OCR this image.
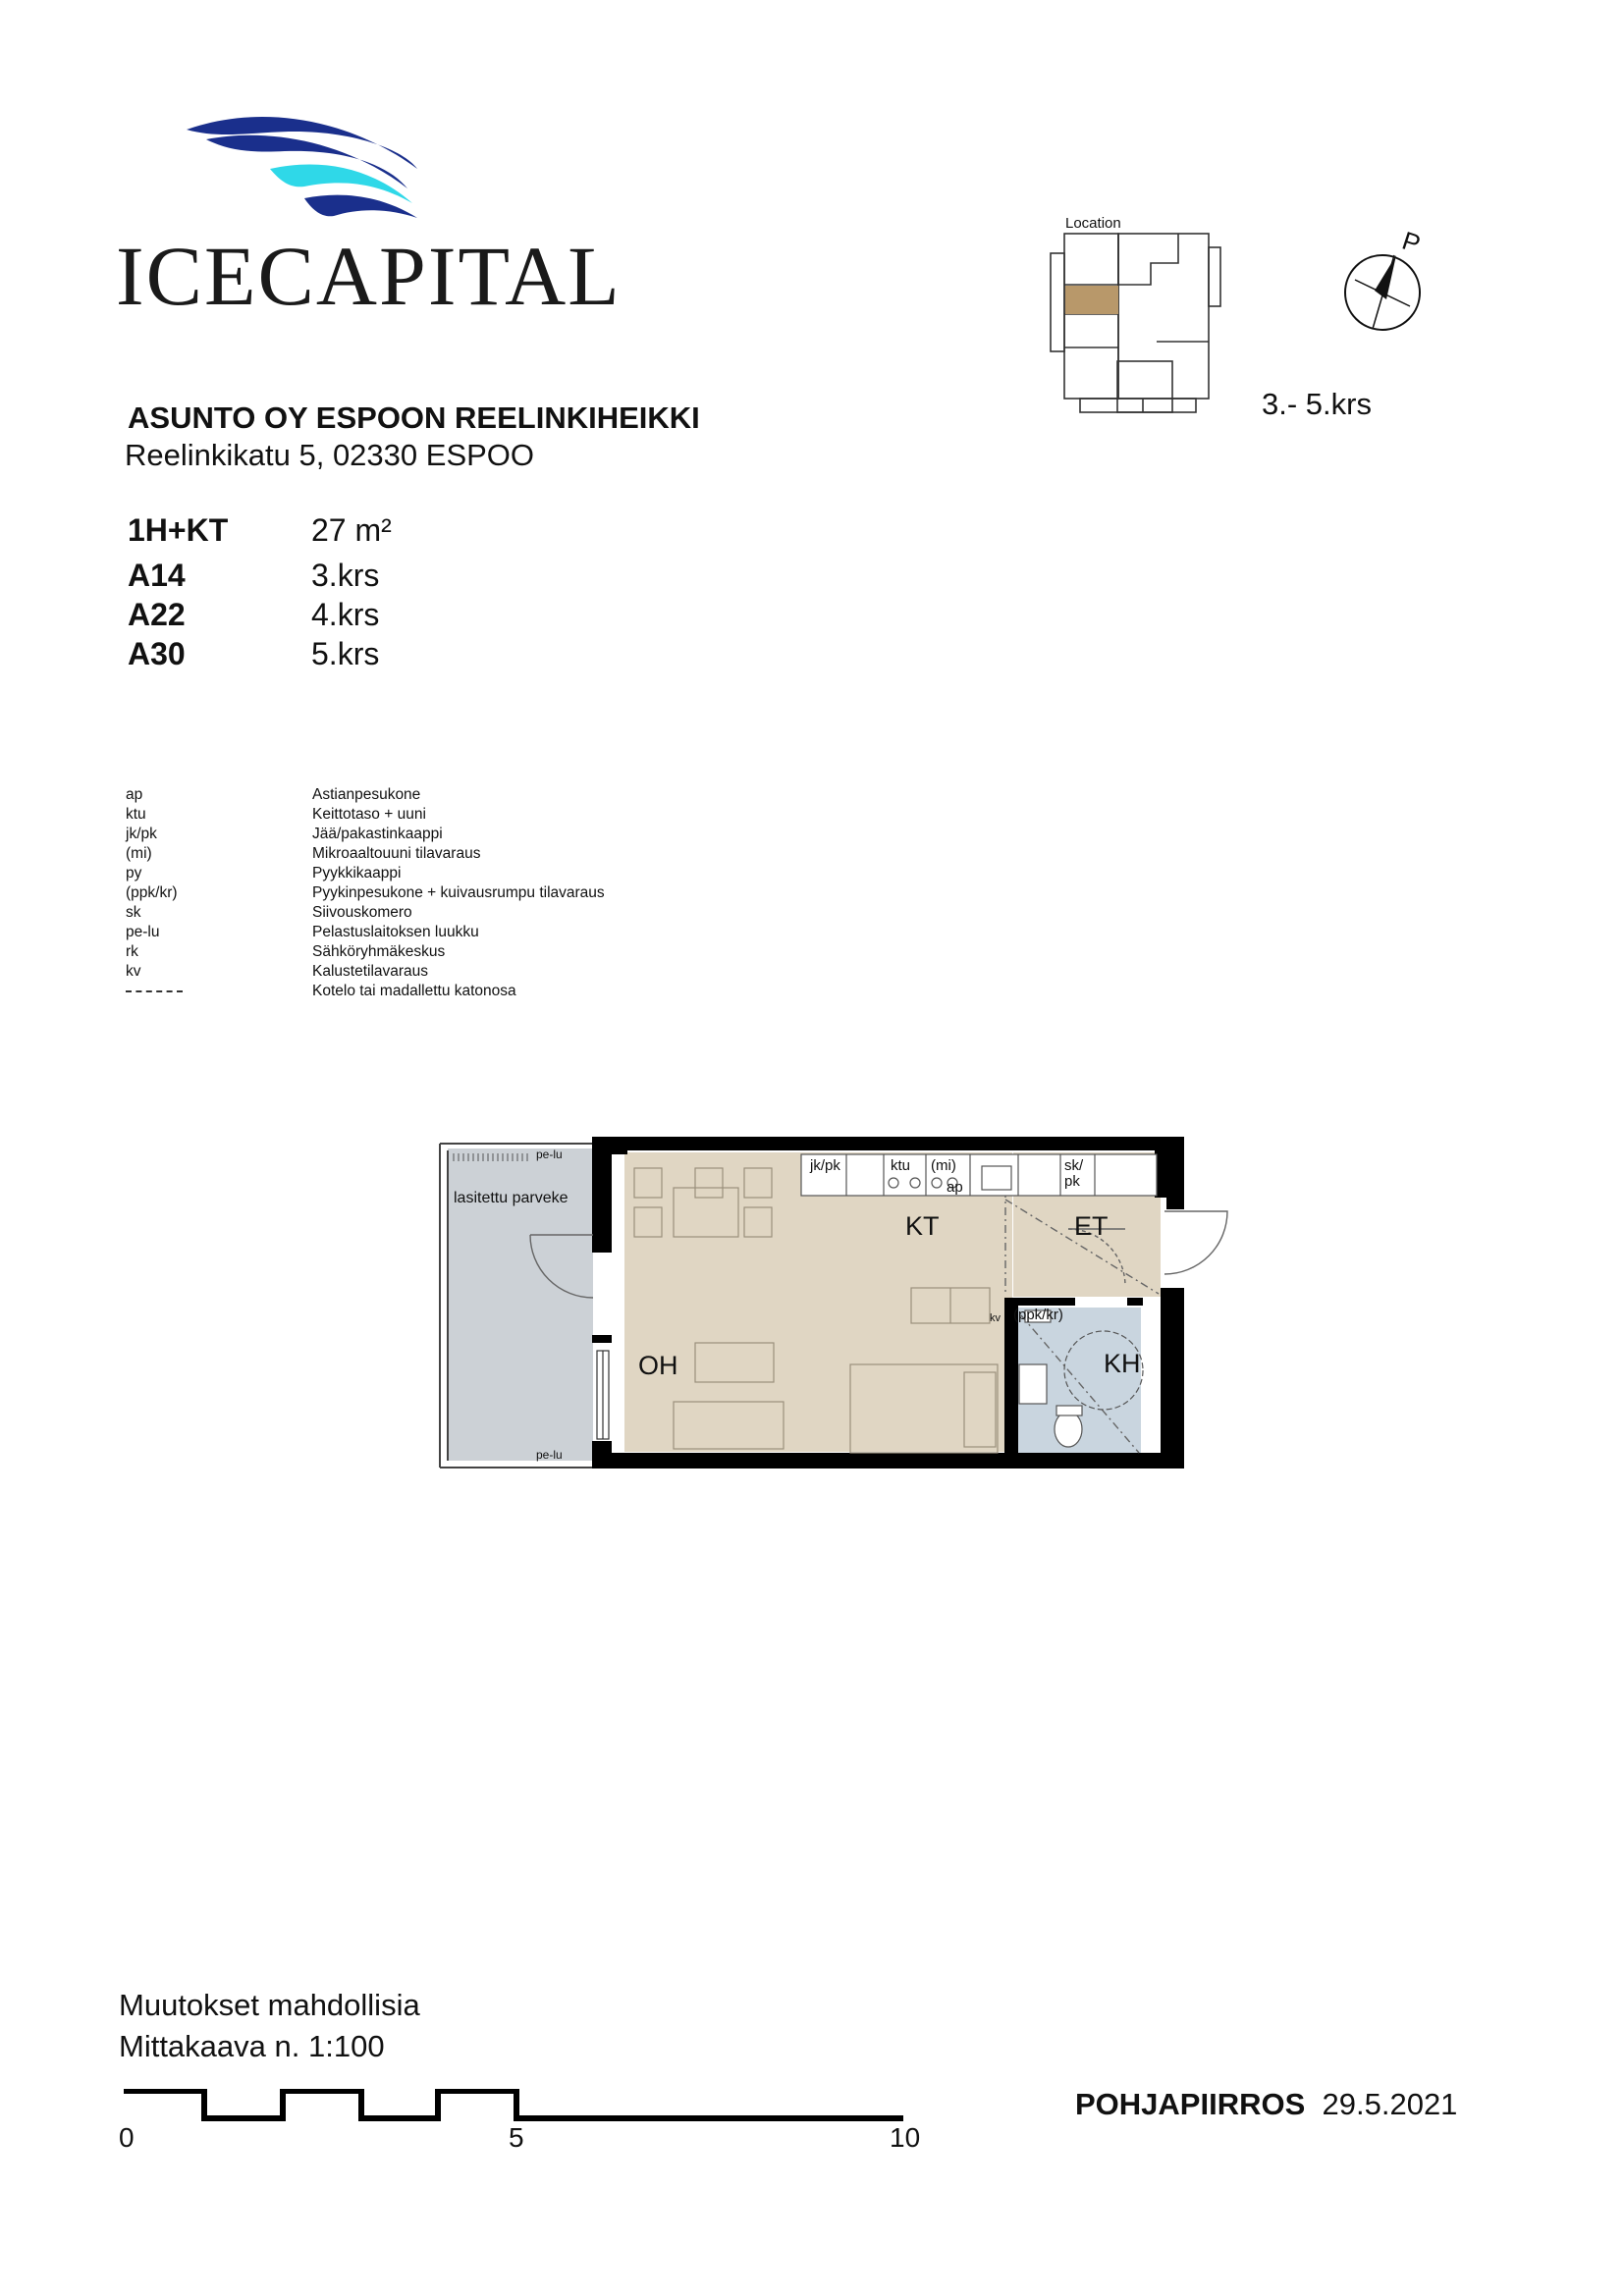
ICECAPITAL
ASUNTO OY ESPOON REELINKIHEIKKI
Reelinkikatu 5, 02330 ESPOO
1H+KT	27 m²
A14	3.krs
A22	4.krs
A30	5.krs
ap	Astianpesukone
ktu	Keittotaso + uuni
jk/pk	Jää/pakastinkaappi
(mi)	Mikroaaltouuni tilavaraus
py	Pyykkikaappi
(ppk/kr)	Pyykinpesukone + kuivausrumpu tilavaraus
sk	Siivouskomero
pe-lu	Pelastuslaitoksen luukku
rk	Sähköryhmäkeskus
kv	Kalustetilavaraus
Kotelo tai madallettu katonosa
Location
P
3.- 5.krs
OH
KT	ET
KH
lasitettu parveke
pe-lu
pe-lu
jk/pk	ktu (mi)
ap
sk/
pk
kv (ppk/kr)
Muutokset mahdollisia
Mittakaava n. 1:100
0	5	10
POHJAPIIRROS 29.5.2021
